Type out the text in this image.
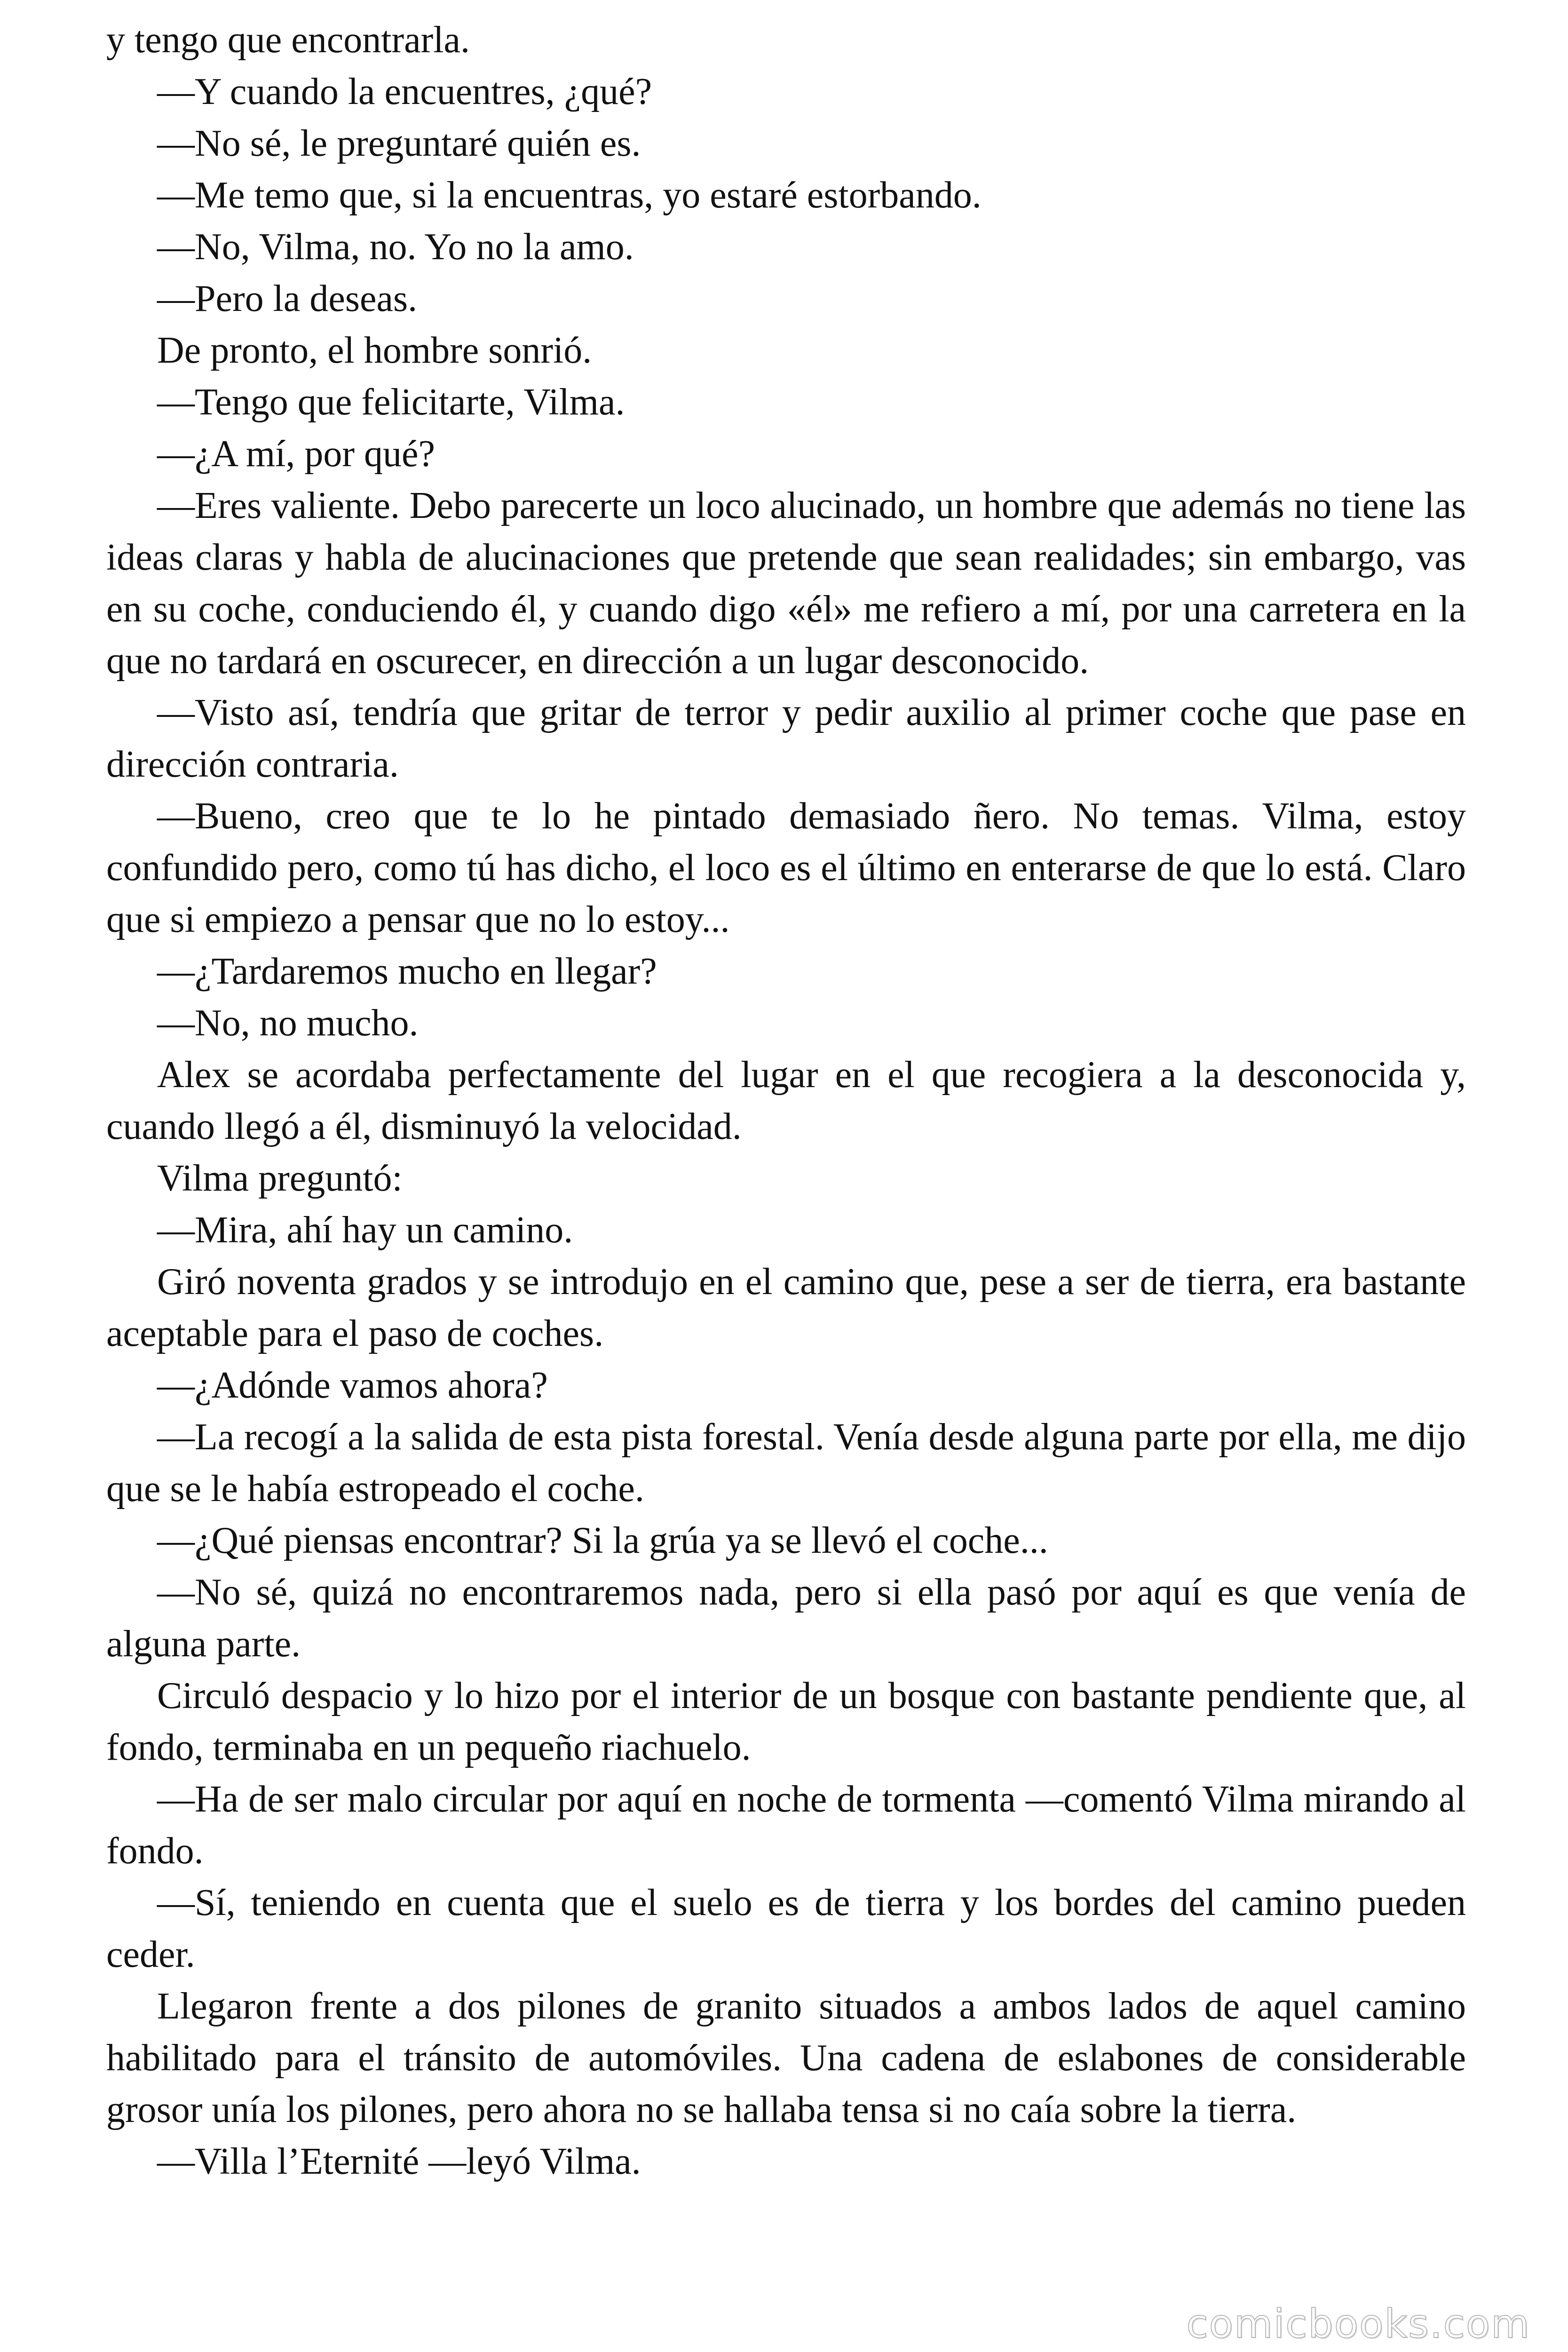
y tengo que encontrarla.

—Y cuando la encuentres, ¿qué?

—No sé, le preguntaré quién es.

—Me temo que, si la encuentras, yo estaré estorbando.

—No, Vilma, no. Yo no la amo.

—Pero la deseas.

De pronto, el hombre sonrió.

—Tengo que felicitarte, Vilma.

—¿A mí, por qué?

—Eres valiente. Debo parecerte un loco alucinado, un hombre que además no tiene las ideas claras y habla de alucinaciones que pretende que sean realidades; sin embargo, vas en su coche, conduciendo él, y cuando digo «él» me refiero a mí, por una carretera en la que no tardará en oscurecer, en dirección a un lugar desconocido.

—Visto así, tendría que gritar de terror y pedir auxilio al primer coche que pase en dirección contraria.

—Bueno, creo que te lo he pintado demasiado ñero. No temas. Vilma, estoy confundido pero, como tú has dicho, el loco es el último en enterarse de que lo está. Claro que si empiezo a pensar que no lo estoy...

—¿Tardaremos mucho en llegar?

—No, no mucho.

Alex se acordaba perfectamente del lugar en el que recogiera a la desconocida y, cuando llegó a él, disminuyó la velocidad.

Vilma preguntó:

—Mira, ahí hay un camino.

Giró noventa grados y se introdujo en el camino que, pese a ser de tierra, era bastante aceptable para el paso de coches.

—¿Adónde vamos ahora?

—La recogí a la salida de esta pista forestal. Venía desde alguna parte por ella, me dijo que se le había estropeado el coche.

—¿Qué piensas encontrar? Si la grúa ya se llevó el coche...

—No sé, quizá no encontraremos nada, pero si ella pasó por aquí es que venía de alguna parte.

Circuló despacio y lo hizo por el interior de un bosque con bastante pendiente que, al fondo, terminaba en un pequeño riachuelo.

—Ha de ser malo circular por aquí en noche de tormenta —comentó Vilma mirando al fondo.

—Sí, teniendo en cuenta que el suelo es de tierra y los bordes del camino pueden ceder.

Llegaron frente a dos pilones de granito situados a ambos lados de aquel camino habilitado para el tránsito de automóviles. Una cadena de eslabones de considerable grosor unía los pilones, pero ahora no se hallaba tensa si no caía sobre la tierra.

—Villa l’Eternité —leyó Vilma.

comicbooks.com
